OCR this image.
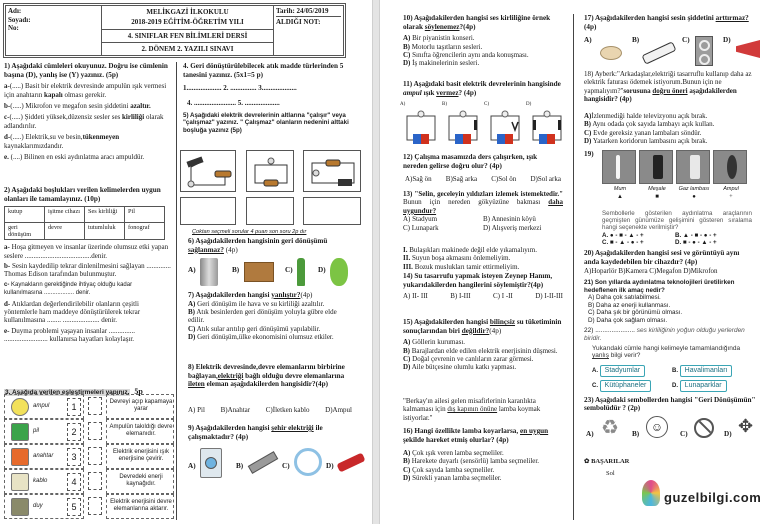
Adı:
Soyadı:
No:
MELİKGAZİ İLKOKULU
2018-2019 EĞİTİM-ÖĞRETİM YILI
4. SINIFLAR FEN BİLİMLERİ DERSİ
2. DÖNEM 2. YAZILI SINAVI
Tarih: 24/05/2019
ALDIĞI NOT:
1) Aşağıdaki cümleleri okuyunuz. Doğru ise cümlenin başına (D), yanlış ise (Y) yazınız. (5p)
a-(.....) Basit bir elektrik devresinde ampulün ışık vermesi için anahtarın kapalı olması gerekir.
b-(.....) Mikrofon ve megafon sesin şiddetini azaltır.
c-(.....) Şiddeti yüksek,düzensiz sesler ses kirliliği olarak adlandırılır.
d-(.....) Elektrik,su ve besin,tükenmeyen kaynaklarımızdandır.
e. (....) Bilinen en eski aydınlatma aracı ampuldür.
2) Aşağıdaki boşlukları verilen kelimelerden uygun olanları ile tamamlayınız. (10p)
kutup	işitme cihazı	Ses kirliliği	Pil
geri dönüşüm	devre	tutumluluk	fonograf
a- Hoşa gitmeyen ve insanlar üzerinde olumsuz etki yapan seslere ......................................denir.
b- Sesin kaydedilip tekrar dinlenilmesini sağlayan .............. Thomas Edison tarafından bulunmuştur.
c- Kaynakların gerektiğinde ihtiyaç olduğu kadar kullanılmasına .................. denir.
d- Atıklardan değerlendirilebilir olanların çeşitli yöntemlerle ham maddeye dönüştürülerek tekrar kullanılmasına ........ ..................... denir.
e- Duyma problemi yaşayan insanlar ............... ......................... kullanırsa hayatları kolaylaşır.
3. Aşağıda verilen eşleştirmeleri yapınız. 5p
ampul	1	Devreyi açıp kapamaya yarar
pil	2	Ampulün takıldığı devre elemanıdır.
anahtar	3	Elektrik enerjisini ışık enerjisine çevirir.
kablo	4	Devredeki enerji kaynağıdır.
duy	5	Elektrik enerjisini devre elemanlarına aktarır.
4. Geri dönüştürülebilecek atık madde türlerinden 5 tanesini yazınız. (5x1=5 p)
1.................... 2. ............... 3....................
4. ........................ 5. ....................
5) Aşağıdaki elektrik devrelerinin altlarına "çalışır" veya "çalışmaz" yazınız. " Çalışmaz" olanların nedenini alttaki boşluğa yazınız (5p)
Çoktan seçmeli sorular 4 puan son soru 2p dır
6) Aşağıdakilerden hangisinin geri dönüşümü sağlanmaz? (4p)
A)	B)	C)	D)
7) Aşağıdakilerden hangisi yanlıştır?(4p)
A) Geri dönüşüm ile hava ve su kirliliği azaltılır.
B) Atık besinlerden geri dönüşüm yoluyla gübre elde edilir.
C) Atık sular arıtılıp geri dönüşümü yapılabilir.
D) Geri dönüşüm,ülke ekonomisini olumsuz etkiler.
8) Elektrik devresinde,devre elemanlarını birbirine bağlayan,elektriği bağlı olduğu devre elemanlarına ileten eleman aşağıdakilerden hangisidir?(4p)
A) Pil B)Anahtar C)İletken kablo D)Ampul
9) Aşağıdakilerden hangisi şehir elektriği ile çalışmaktadır? (4p)
A)	B)	C)	D)
10) Aşağıdakilerden hangisi ses kirliliğine örnek olarak söylenemez?(4p)
A) Bir piyanistin konseri.
B) Motorlu taşıtların sesleri.
C) Sınıfta öğrencilerin aynı anda konuşması.
D) İş makinelerinin sesleri.
11) Aşağıdaki basit elektrik devrelerinin hangisinde ampul ışık vermez? (4p)
A)	B)	C)	D)
12) Çalışma masamızda ders çalışırken, ışık nereden gelirse doğru olur? (4p)
A)Sağ ön B)Sağ arka C)Sol ön D)Sol arka
13) "Selin, geceleyin yıldızları izlemek istemektedir." Bunun için nereden gökyüzüne bakması daha uygundur?
A) Stadyum	B) Annesinin köyü
C) Lunapark	D) Alışveriş merkezi
I. Bulaşıkları makinede değil elde yıkamalıyım.
II. Suyun boşa akmasını önlemeliyim.
III. Bozuk muslukları tamir ettirmeliyim.
14) Su tasarrufu yapmak isteyen Zeynep Hanım, yukarıdakilerden hangilerini söylemiştir?(4p)
A) II- III	B) I-III	C) I -II	D) I-II-III
15) Aşağıdakilerden hangisi bilinçsiz su tüketiminin sonuçlarından biri değildir?(4p)
A) Göllerin kuruması.
B) Barajlardan elde edilen elektrik enerjisinin düşmesi.
C) Doğal çevrenin ve canlıların zarar görmesi.
D) Aile bütçesine olumlu katkı yapması.
"Berkay'ın ailesi gelen misafirlerinin karanlıkta kalmaması için dış kapının önüne lamba koymak istiyorlar."
16) Hangi özellikte lamba koyarlarsa, en uygun şekilde hareket etmiş olurlar? (4p)
A) Çok ışık veren lamba seçmeliler.
B) Harekete duyarlı (sensörlü) lamba seçmeliler.
C) Çok sayıda lamba seçmeliler.
D) Sürekli yanan lamba seçmeliler.
17) Aşağıdakilerden hangisi sesin şiddetini arttırmaz? (4p)
A)	B)	C)	D)
18) Ayberk:"Arkadaşlar,elektriği tasarruflu kullanıp daha az elektrik faturası ödemek istiyorum.Bunun için ne yapmalıyım?"sorusuna doğru öneri aşağıdakilerden hangisidir? (4p)
A)İzlenmediği halde televizyonu açık bırak.
B) Aynı odada çok sayıda lambayı açık kullan.
C) Evde gereksiz yanan lambaları söndür.
D) Yatarken koridorun lambasını açık bırak.
19)
Mum
▲
Meşale
■
Gaz lambası
●
Ampul
+
Sembollerle gösterilen aydınlatma araçlarının geçmişten günümüze gelişimini gösteren sıralama hangi seçenekte verilmiştir?
A. ● - ■ - ▲ - +	B. ▲ - ■ - ● - +
C. ■ - ▲ - ● - +	D. ■ - ● - ▲ - +
20) Aşağıdakilerden hangisi sesi ve görüntüyü aynı anda kaydedebilen bir cihazdır? (4p)
A)Hoparlör B)Kamera C)Megafon D)Mikrofon
21) Son yıllarda aydınlatma teknolojileri üretilirken hedeflenen ilk amaç nedir?
A) Daha çok satılabilmesi.
B) Daha az enerji kullanması.
C) Daha şık bir görünümü olması.
D) Daha çok sağlam olması.
22) ...................... ses kirliliğinin yoğun olduğu yerlerden biridir.
Yukarıdaki cümle hangi kelimeyle tamamlandığında yanlış bilgi verir?
A. Stadyumlar	B. Havalimanları
C. Kütüphaneler	D. Lunaparklar
23) Aşağıdaki sembollerden hangisi "Geri Dönüşümün" sembolüdür ? (2p)
A) ♻ B) ☺	C)	D) ✥
✿ BAŞARILAR
Sol
guzelbilgi.com
